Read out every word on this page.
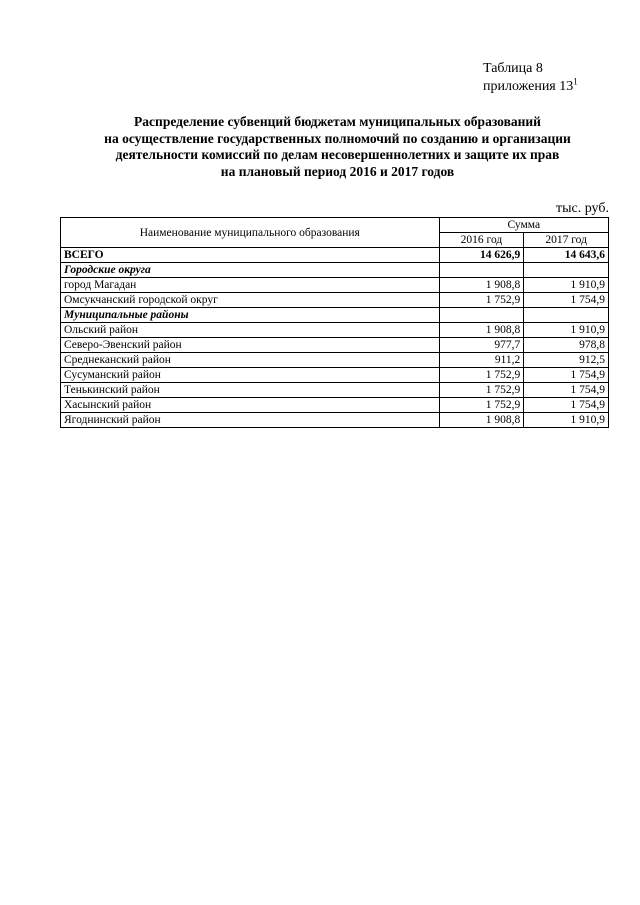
Таблица 8
приложения $13^1$
Распределение субвенций бюджетам муниципальных образований
на осуществление государственных полномочий по созданию и организации
деятельности комиссий по делам несовершеннолетних и защите их прав
на плановый период 2016 и 2017 годов
тыс. руб.
Наименование муниципального образования	Сумма	
	2016 год	2017 год
ВСЕГО	14 626,9	14 643,6
Городские округа		
город Магадан	1 908,8	1 910,9
Омсукчанский городской округ	1 752,9	1 754,9
Муниципальные районы		
Ольский район	1 908,8	1 910,9
Северо-Эвенский район	977,7	978,8
Среднеканский район	911,2	912,5
Сусуманский район	1 752,9	1 754,9
Тенькинский район	1 752,9	1 754,9
Хасынский район	1 752,9	1 754,9
Ягоднинский район	1 908,8	1 910,9
